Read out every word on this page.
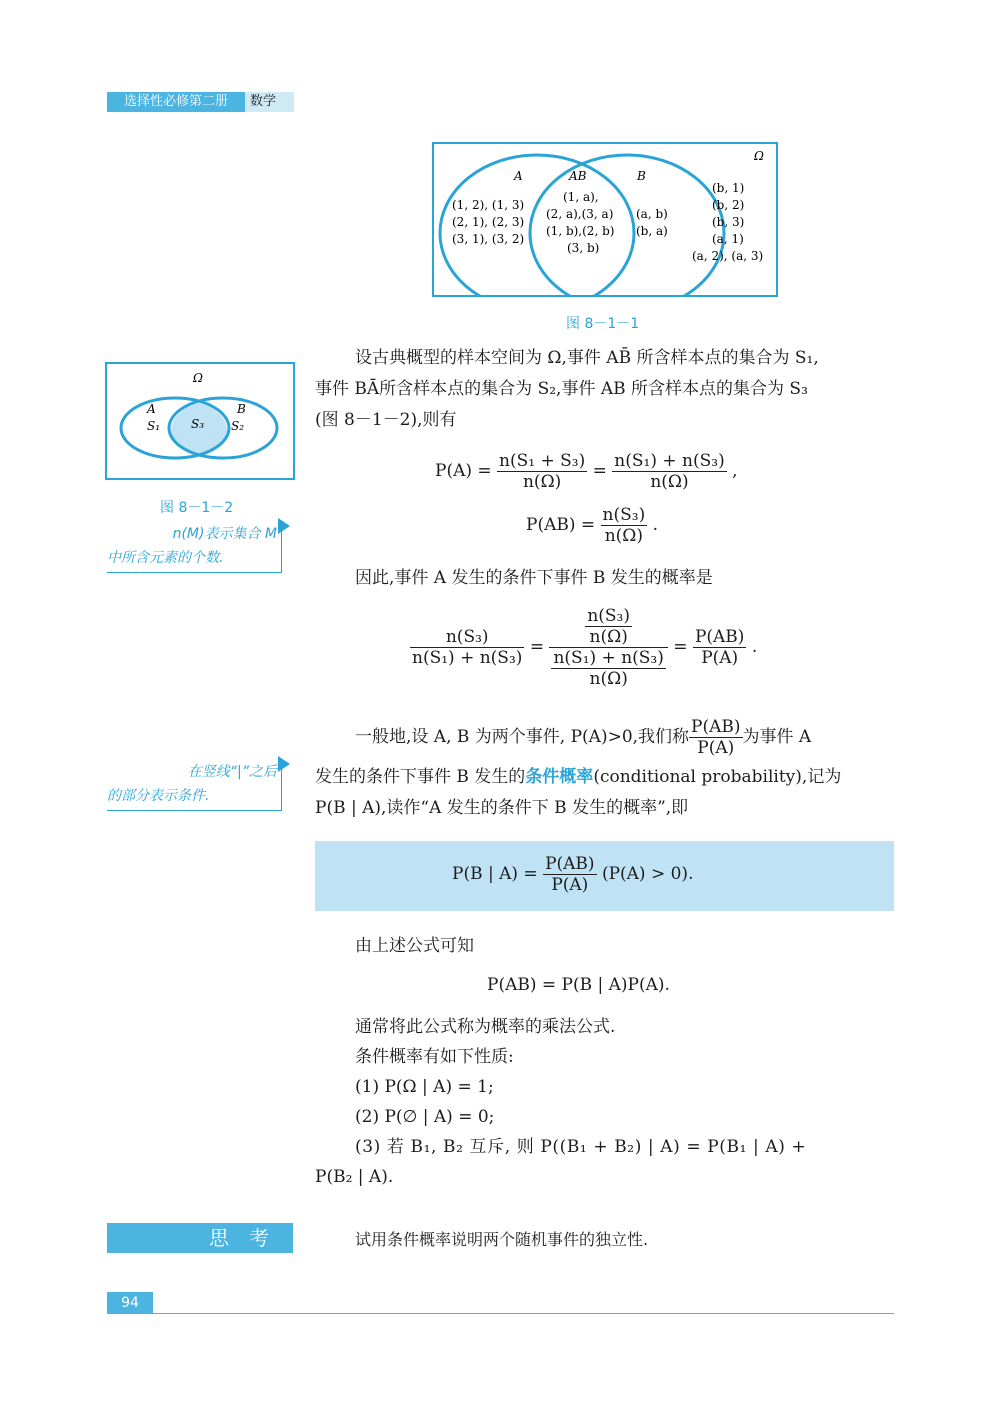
选择性必修第二册	数学
Ω
A	AB	B
(1, 2), (1, 3)
(2, 1), (2, 3)
(3, 1), (3, 2)
(1, a),
(2, a),(3, a)
(1, b),(2, b)
(3, b)
(a, b)
(b, a)
(b, 1)
(b, 2)
(b, 3)
(a, 1)
(a, 2), (a, 3)
图 8－1－1
Ω
A	B
S₁	S₃ S₂
图 8－1－2
n(M)表示集合 M
中所含元素的个数.
设古典概型的样本空间为 Ω,事件 AB̄ 所含样本点的集合为 S₁,
事件 BĀ所含样本点的集合为 S₂,事件 AB 所含样本点的集合为 S₃
(图 8－1－2),则有
$P(A) = \frac{\text{n(S₁ + S₃)}}{n(\Omega)} = \frac{\text{n(S₁) + n(S₃)}}{n(\Omega)}$ ,
$P(AB) = \frac{\text{n(S₃)}}{n(\Omega)}$ .
因此,事件 A 发生的条件下事件 B 发生的概率是
$\frac{\text{n(S₃)}}{\text{n(S₁) + n(S₃)}} = \frac{\frac{\text{n(S₃)}}{n(\Omega)}}{\frac{\text{n(S₁) + n(S₃)}}{n(\Omega)}} = \frac{P(AB)}{P(A)}$ .
在竖线“|”之后
的部分表示条件.
一般地,设 A, B 为两个事件, P(A)>0,我们称 $\frac{P(AB)}{P(A)}$ 为事件 A
发生的条件下事件 B 发生的条件概率(conditional probability),记为
P(B | A),读作“A 发生的条件下 B 发生的概率”,即
P(B | $A) = \frac{P(AB)}{P(A)} (P(A) > 0)$.
由上述公式可知
P(AB) = P(B | A)P(A).
通常将此公式称为概率的乘法公式.
条件概率有如下性质:
(1) P(Ω | A) = 1;
(2) P(∅ | A) = 0;
(3) 若 B₁, B₂ 互斥, 则 P((B₁ + B₂) | A) = P(B₁ | A) +
P(B₂ | A).
思考	试用条件概率说明两个随机事件的独立性.
94
